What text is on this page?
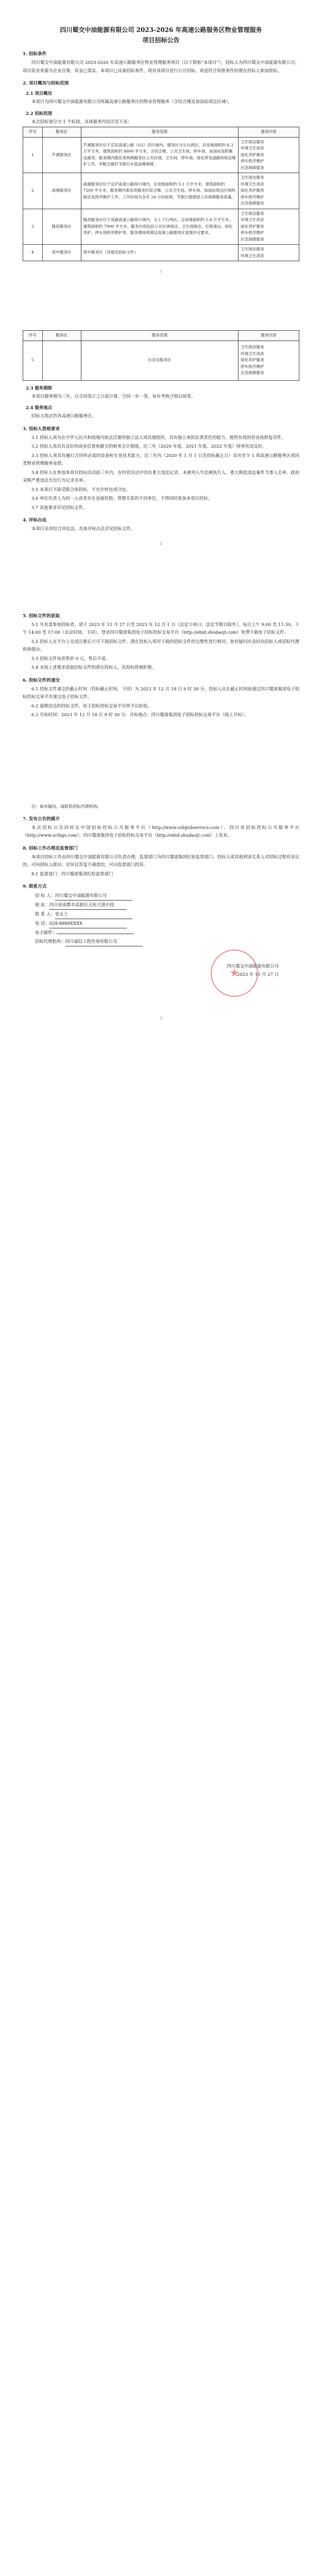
四川蜀交中油能源有限公司 2023-2026 年高速公路服务区物业管理服务
项目招标公告
1. 招标条件

四川蜀交中油能源有限公司 2023-2026 年高速公路服务区物业管理服务项目（以下简称“本项目”），招标人为四川蜀交中油能源有限公司，项目资金来源为企业自筹，资金已落实。本项目已具备招标条件，现对该项目进行公开招标，欢迎符合资格条件的潜在投标人参加投标。

2. 项目概况与招标范围
2.1 项目概况

本项目为四川蜀交中油能源有限公司所属高速公路服务区的物业管理服务（含综合楼及加油站周边区域）。

2.2 招标范围

本次招标划分为 1 个标段，具体服务内容详见下表：

序号	服务区	服务范围	服务内容
1	芦溪服务区	芦溪服务区位于京昆高速公路（G5）四川境内，服务区分左右两区，总用地面积约 6.3 万平方米，建筑面积约 8600 平方米，含综合楼、公共卫生间、停车场、加油站及附属设施等。服务期内需负责两侧服务区公共区域、卫生间、停车场、绿化带及道路的保洁维护工作，并配合做好节假日车流高峰保障。	卫生保洁服务
环境卫生消杀
绿化养护服务
停车秩序维护
应急保障服务

2	南溪服务区	南溪服务区位于宜泸高速公路四川境内，总用地面积约 5.1 万平方米，建筑面积约 7200 平方米，服务期内需负责服务区综合楼、公共卫生间、停车场、加油站周边区域的保洁及秩序维护工作，工作时间为全年 24 小时轮班，节假日需增派人员保障服务质量。	卫生保洁服务
环境卫生消杀
绿化养护服务
停车秩序维护
应急保障服务

3	隆昌服务区	隆昌服务区位于成渝高速公路四川境内，分上下行两区，总用地面积约 5.8 万平方米，建筑面积约 7900 平方米。服务内容包括公共区域保洁、卫生间保洁、垃圾清运、绿化养护、停车场秩序维护等，服务期间须满足高速公路服务区星级评定要求。	卫生保洁服务
环境卫生消杀
绿化养护服务
停车秩序维护
应急保障服务

4	资中服务区	资中服务区（其他见招标文件）	卫生保洁服务
环境卫生消杀
1
序号	服务区	服务范围	服务内容
5		自贡东服务区	卫生保洁服务
环境卫生消杀
绿化养护服务
停车秩序维护
应急保障服务
2.3 服务期限

本项目服务期为三年，自合同签订之日起计算，合同一年一签，每年考核合格后续签。

2.4 服务地点

招标人指定的各高速公路服务区。

3. 投标人资格要求

3.1 投标人须为在中华人民共和国境内依法注册的独立法人或其他组织，具有独立承担民事责任的能力，提供有效的营业执照复印件。

3.2 投标人须具有良好的商业信誉和健全的财务会计制度，近三年（2020 年度、2021 年度、2022 年度）财务状况良好。

3.3 投标人须具有履行合同所必需的设备和专业技术能力，近三年内（2020 年 1 月 1 日至投标截止日）具有至少 1 项高速公路服务区或同类物业管理服务业绩。

3.4 投标人在参加本项目投标活动前三年内，在经营活动中没有重大违法记录，未被列入失信被执行人、重大税收违法案件当事人名单、政府采购严重违法失信行为记录名单。

3.5 本项目不接受联合体投标，不允许转包或分包。

3.6 单位负责人为同一人或者存在直接控股、管理关系的不同单位，不得同时参加本项目投标。

3.7 其他要求详见招标文件。

4. 评标办法

本项目采用综合评估法，具体评标办法详见招标文件。

2
5. 招标文件的获取

5.1 凡有意参加投标者，请于 2023 年 11 月 27 日至 2023 年 12 月 1 日（法定公休日、法定节假日除外），每日上午 9:00 至 11:30，下午 14:00 至 17:00（北京时间，下同），登录四川蜀道集团电子招标投标交易平台（http://ebid.shudaojt.com）免费下载电子招标文件。

5.2 投标人在平台上完成注册后方可下载招标文件。潜在投标人须对下载的招标文件的完整性进行核对，如有疑问应及时向招标人或招标代理机构提出。

5.3 招标文件每套售价 0 元，售后不退。

5.4 未按上述要求获取招标文件的潜在投标人，其投标将被拒绝。

6. 投标文件的递交

6.1 投标文件递交的截止时间（投标截止时间，下同）为 2023 年 12 月 18 日 9 时 30 分，投标人应在截止时间前通过四川蜀道集团电子招标投标交易平台递交电子投标文件。

6.2 逾期送达的投标文件，电子招标投标交易平台将予以拒收。

6.3 开标时间：2023 年 12 月 18 日 9 时 30 分，开标地点：四川蜀道集团电子招标投标交易平台（线上开标）。

注：如有疑问，请联系招标代理机构。

7. 发布公告的媒介

本次招标公告同时在中国招标投标公共服务平台（http://www.cebpubservice.com）、四川省招标投标公共服务平台（http://www.sctbgs.com）、四川蜀道集团电子招标投标交易平台（http://ebid.shudaojt.com）上发布。

8. 招标工作办理及监督部门

本项目招标工作由四川蜀交中油能源有限公司负责办理，监督部门为四川蜀道集团纪检监察部门。投标人或其他利害关系人对招标过程有异议的，可向招标人提出；对异议答复不满意的，可向监督部门投诉。

8.1 监督部门：四川蜀道集团纪检监察部门

9. 联系方式
招 标 人：四川蜀交中油能源有限公司
地 址：四川省成都市高新区天府大道中段
联 系 人：张女士
电 话：028-8888XXXX
电子邮件：
招标代理机构：四川诚信工程咨询有限公司
★
四川蜀交中油能源有限公司
2023 年 11 月 27 日
3
